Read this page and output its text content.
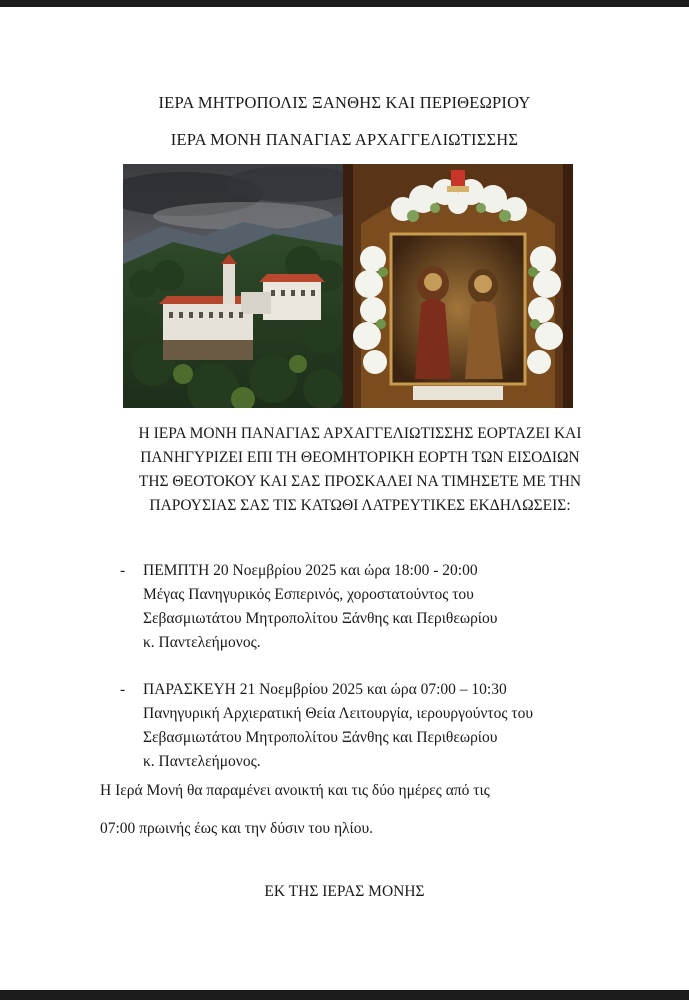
ΙΕΡΑ ΜΗΤΡΟΠΟΛΙΣ ΞΑΝΘΗΣ ΚΑΙ ΠΕΡΙΘΕΩΡΙΟΥ
ΙΕΡΑ ΜΟΝΗ ΠΑΝΑΓΙΑΣ ΑΡΧΑΓΓΕΛΙΩΤΙΣΣΗΣ
Η ΙΕΡΑ ΜΟΝΗ ΠΑΝΑΓΙΑΣ ΑΡΧΑΓΓΕΛΙΩΤΙΣΣΗΣ ΕΟΡΤΑΖΕΙ ΚΑΙ
ΠΑΝΗΓΥΡΙΖΕΙ ΕΠΙ ΤΗ ΘΕΟΜΗΤΟΡΙΚΗ ΕΟΡΤΗ ΤΩΝ ΕΙΣΟΔΙΩΝ
ΤΗΣ ΘΕΟΤΟΚΟΥ ΚΑΙ ΣΑΣ ΠΡΟΣΚΑΛΕΙ ΝΑ ΤΙΜΗΣΕΤΕ ΜΕ ΤΗΝ
ΠΑΡΟΥΣΙΑΣ ΣΑΣ ΤΙΣ ΚΑΤΩΘΙ ΛΑΤΡΕΥΤΙΚΕΣ ΕΚΔΗΛΩΣΕΙΣ:
- ΠΕΜΠΤΗ 20 Νοεμβρίου 2025 και ώρα 18:00 - 20:00
Μέγας Πανηγυρικός Εσπερινός, χοροστατούντος του
Σεβασμιωτάτου Μητροπολίτου Ξάνθης και Περιθεωρίου
κ. Παντελεήμονος.
- ΠΑΡΑΣΚΕΥΗ 21 Νοεμβρίου 2025 και ώρα 07:00 – 10:30
Πανηγυρική Αρχιερατική Θεία Λειτουργία, ιερουργούντος του
Σεβασμιωτάτου Μητροπολίτου Ξάνθης και Περιθεωρίου
κ. Παντελεήμονος.
Η Ιερά Μονή θα παραμένει ανοικτή και τις δύο ημέρες από τις
07:00 πρωινής έως και την δύσιν του ηλίου.
ΕΚ ΤΗΣ ΙΕΡΑΣ ΜΟΝΗΣ
